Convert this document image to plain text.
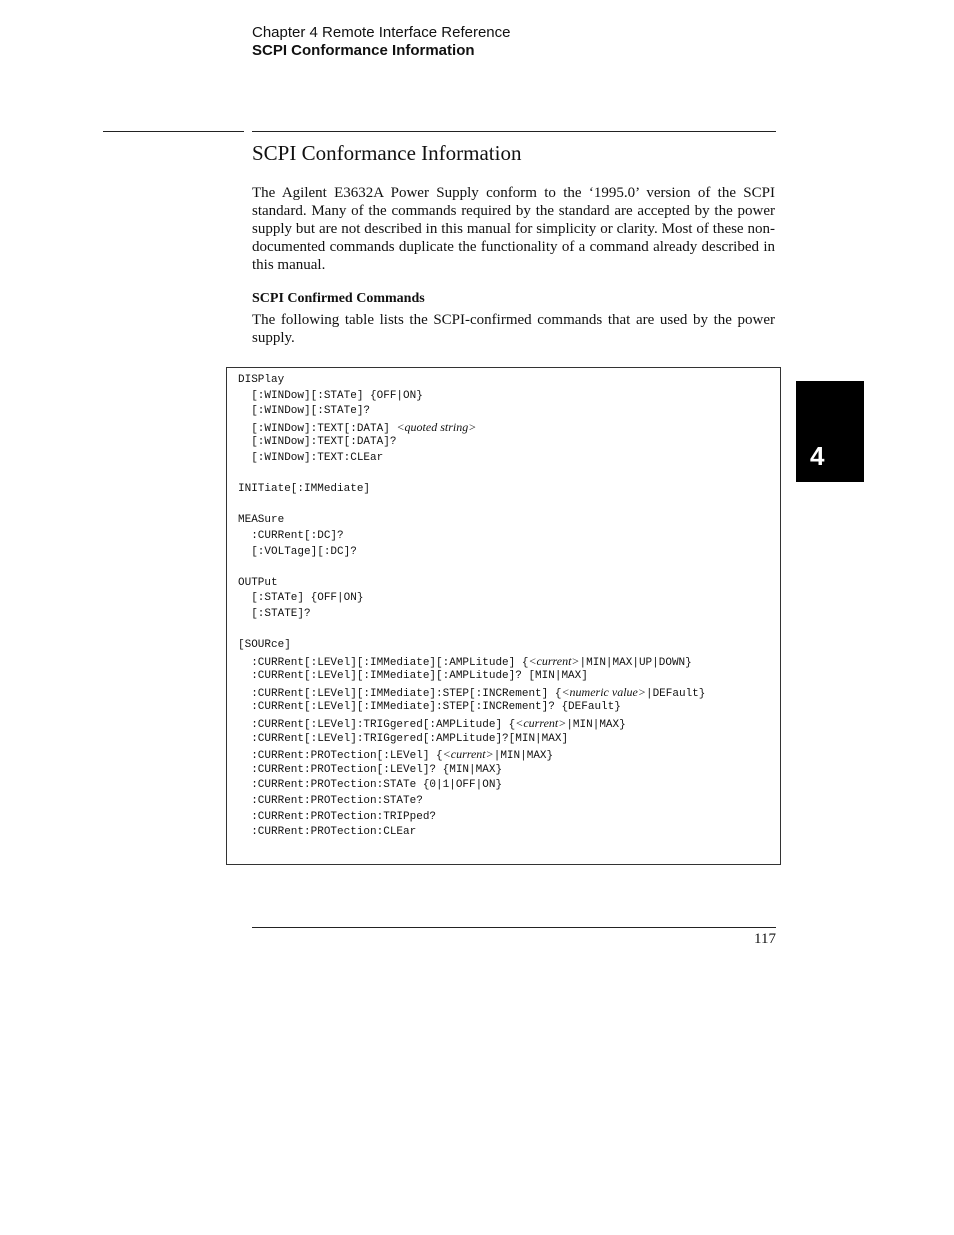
Chapter 4 Remote Interface Reference
SCPI Conformance Information
SCPI Conformance Information
The Agilent E3632A Power Supply conform to the ‘1995.0’ version of the SCPI standard. Many of the commands required by the standard are accepted by the power supply but are not described in this manual for simplicity or clarity. Most of these non-documented commands duplicate the functionality of a command already described in this manual.
SCPI Confirmed Commands
The following table lists the SCPI-confirmed commands that are used by the power supply.
DISPlay
[:WINDow][:STATe] {OFF|ON}
[:WINDow][:STATe]?
[:WINDow]:TEXT[:DATA] <quoted string>
[:WINDow]:TEXT[:DATA]?
[:WINDow]:TEXT:CLEar
INITiate[:IMMediate]
MEASure
:CURRent[:DC]?
[:VOLTage][:DC]?
OUTPut
[:STATe] {OFF|ON}
[:STATE]?
[SOURce]
:CURRent[:LEVel][:IMMediate][:AMPLitude] {<current>|MIN|MAX|UP|DOWN}
:CURRent[:LEVel][:IMMediate][:AMPLitude]? [MIN|MAX]
:CURRent[:LEVel][:IMMediate]:STEP[:INCRement] {<numeric value>|DEFault}
:CURRent[:LEVel][:IMMediate]:STEP[:INCRement]? {DEFault}
:CURRent[:LEVel]:TRIGgered[:AMPLitude] {<current>|MIN|MAX}
:CURRent[:LEVel]:TRIGgered[:AMPLitude]?[MIN|MAX]
:CURRent:PROTection[:LEVel] {<current>|MIN|MAX}
:CURRent:PROTection[:LEVel]? {MIN|MAX}
:CURRent:PROTection:STATe {0|1|OFF|ON}
:CURRent:PROTection:STATe?
:CURRent:PROTection:TRIPped?
:CURRent:PROTection:CLEar
4
117
